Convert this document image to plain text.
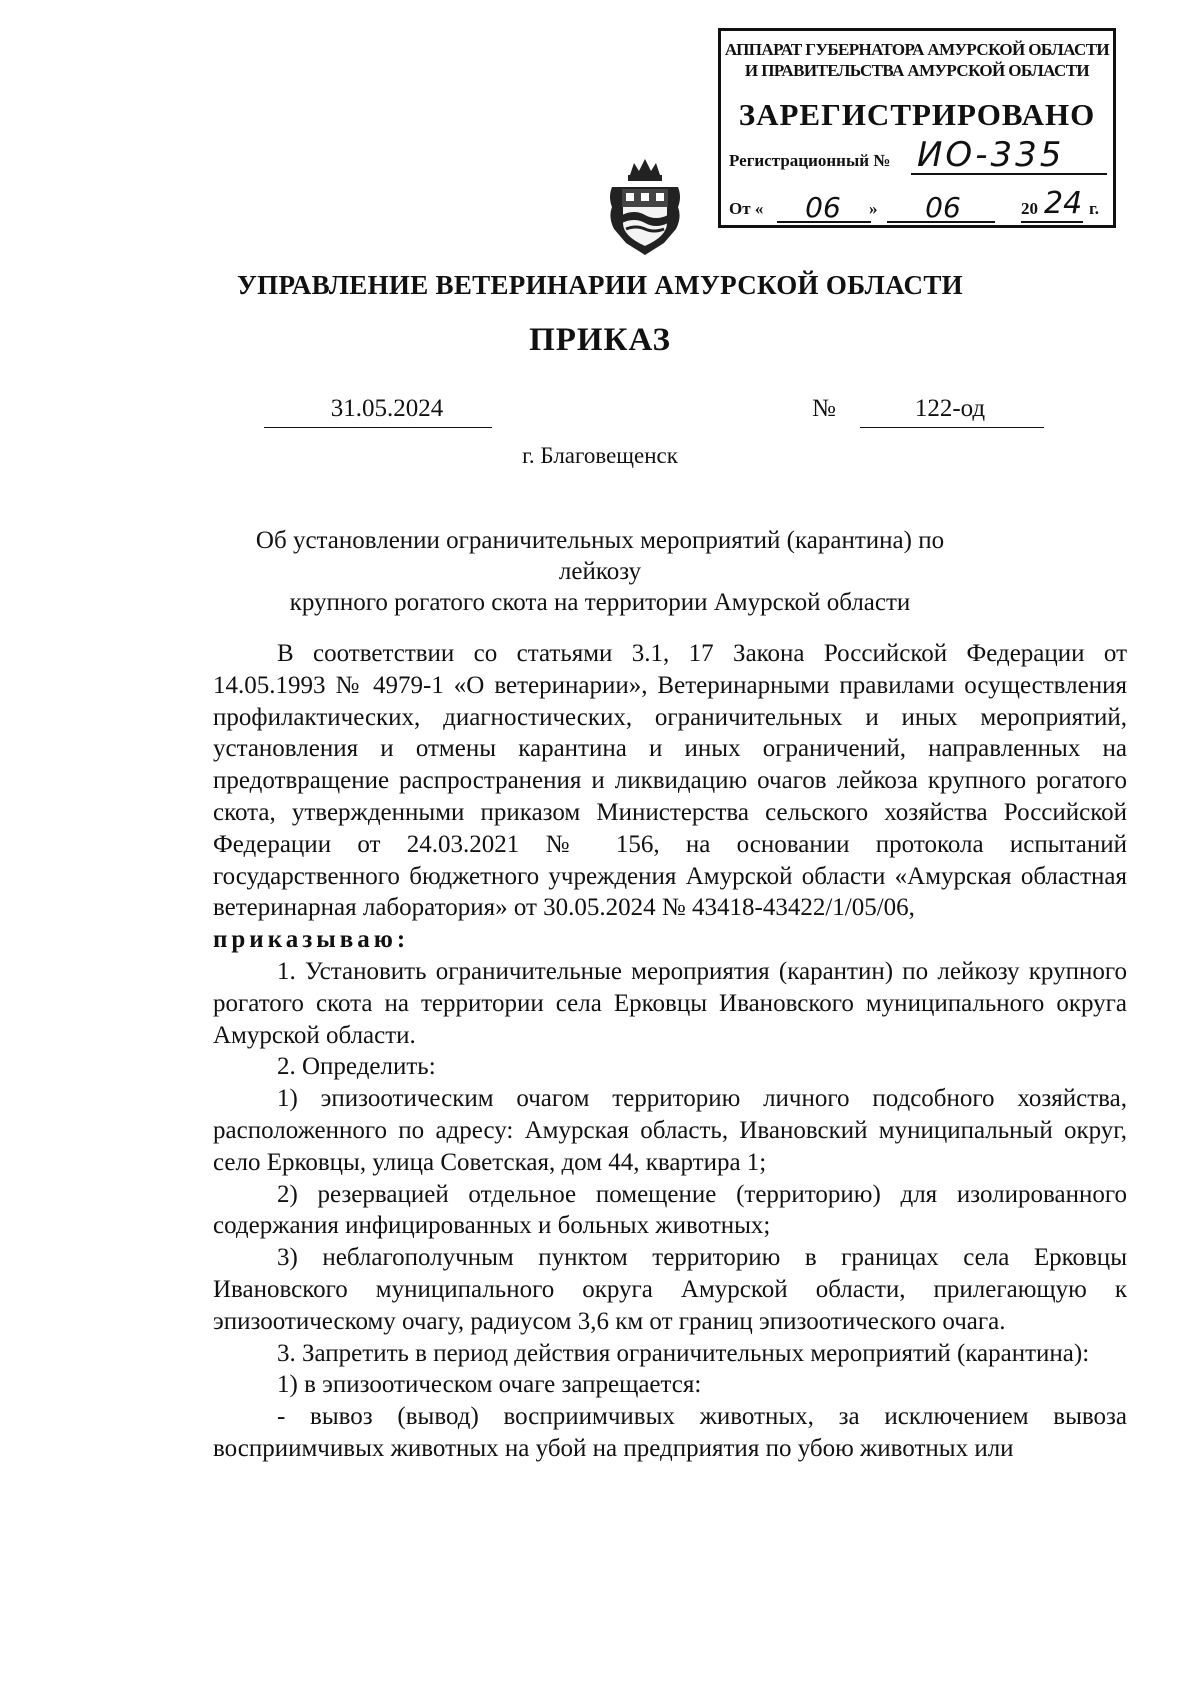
АППАРАТ ГУБЕРНАТОРА АМУРСКОЙ ОБЛАСТИ
И ПРАВИТЕЛЬСТВА АМУРСКОЙ ОБЛАСТИ
ЗАРЕГИСТРИРОВАНО
Регистрационный № ИО-335
От «	06	»	06	20 24 г.
УПРАВЛЕНИЕ ВЕТЕРИНАРИИ АМУРСКОЙ ОБЛАСТИ
ПРИКАЗ
31.05.2024	№	122-од
г. Благовещенск
Об установлении ограничительных мероприятий (карантина) по лейкозу
крупного рогатого скота на территории Амурской области

В соответствии со статьями 3.1, 17 Закона Российской Федерации от 14.05.1993 № 4979-1 «О ветеринарии», Ветеринарными правилами осуществления профилактических, диагностических, ограничительных и иных мероприятий, установления и отмены карантина и иных ограничений, направленных на предотвращение распространения и ликвидацию очагов лейкоза крупного рогатого скота, утвержденными приказом Министерства сельского хозяйства Российской Федерации от 24.03.2021 № 156, на основании протокола испытаний государственного бюджетного учреждения Амурской области «Амурская областная ветеринарная лаборатория» от 30.05.2024 № 43418-43422/1/05/06,

приказываю:

1. Установить ограничительные мероприятия (карантин) по лейкозу крупного рогатого скота на территории села Ерковцы Ивановского муниципального округа Амурской области.

2. Определить:

1) эпизоотическим очагом территорию личного подсобного хозяйства, расположенного по адресу: Амурская область, Ивановский муниципальный округ, село Ерковцы, улица Советская, дом 44, квартира 1;

2) резервацией отдельное помещение (территорию) для изолированного содержания инфицированных и больных животных;

3) неблагополучным пунктом территорию в границах села Ерковцы Ивановского муниципального округа Амурской области, прилегающую к эпизоотическому очагу, радиусом 3,6 км от границ эпизоотического очага.

3. Запретить в период действия ограничительных мероприятий (карантина):

1) в эпизоотическом очаге запрещается:

- вывоз (вывод) восприимчивых животных, за исключением вывоза восприимчивых животных на убой на предприятия по убою животных или
